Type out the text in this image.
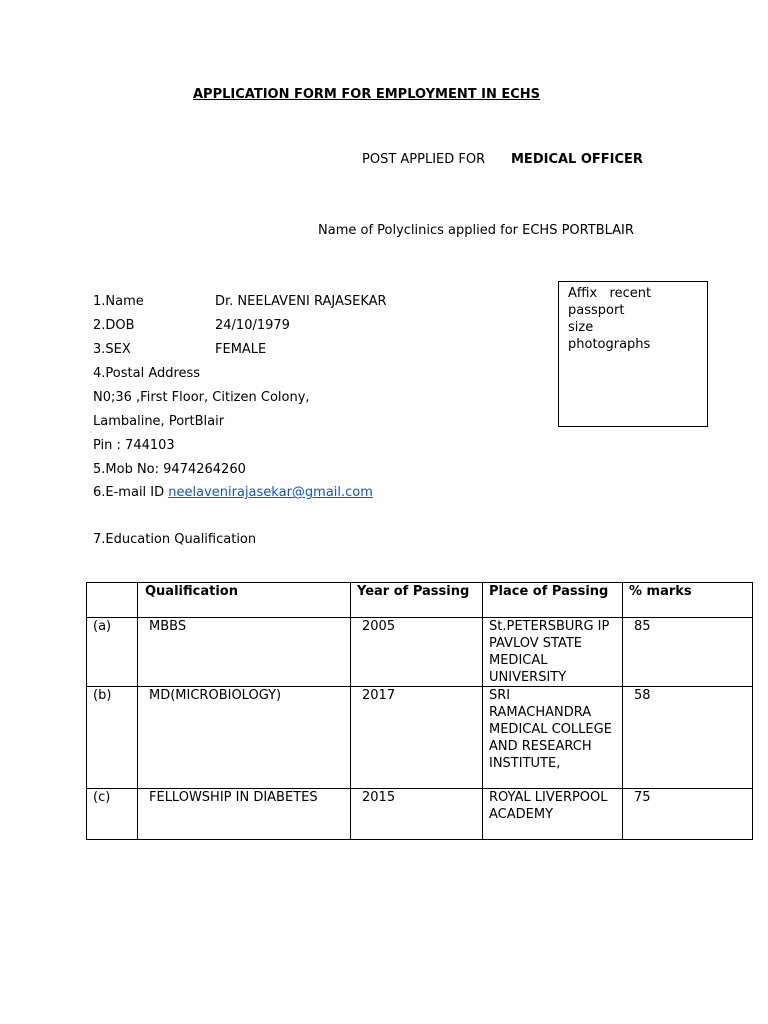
APPLICATION FORM FOR EMPLOYMENT IN ECHS
POST APPLIED FOR MEDICAL OFFICER
Name of Polyclinics applied for ECHS PORTBLAIR
Affix   recent
passport
size
photographs
1.Name	Dr. NEELAVENI RAJASEKAR
2.DOB	24/10/1979
3.SEX	FEMALE
4.Postal Address
N0;36 ,First Floor, Citizen Colony,
Lambaline, PortBlair
Pin : 744103
5.Mob No: 9474264260
6.E-mail ID neelavenirajasekar@gmail.com
7.Education Qualification
	Qualification	Year of Passing	Place of Passing	% marks
(a)	MBBS	2005	St.PETERSBURG IP PAVLOV STATE MEDICAL UNIVERSITY	85
(b)	MD(MICROBIOLOGY)	2017	SRI RAMACHANDRA MEDICAL COLLEGE AND RESEARCH INSTITUTE,	58
(c)	FELLOWSHIP IN DIABETES	2015	ROYAL LIVERPOOL ACADEMY	75
